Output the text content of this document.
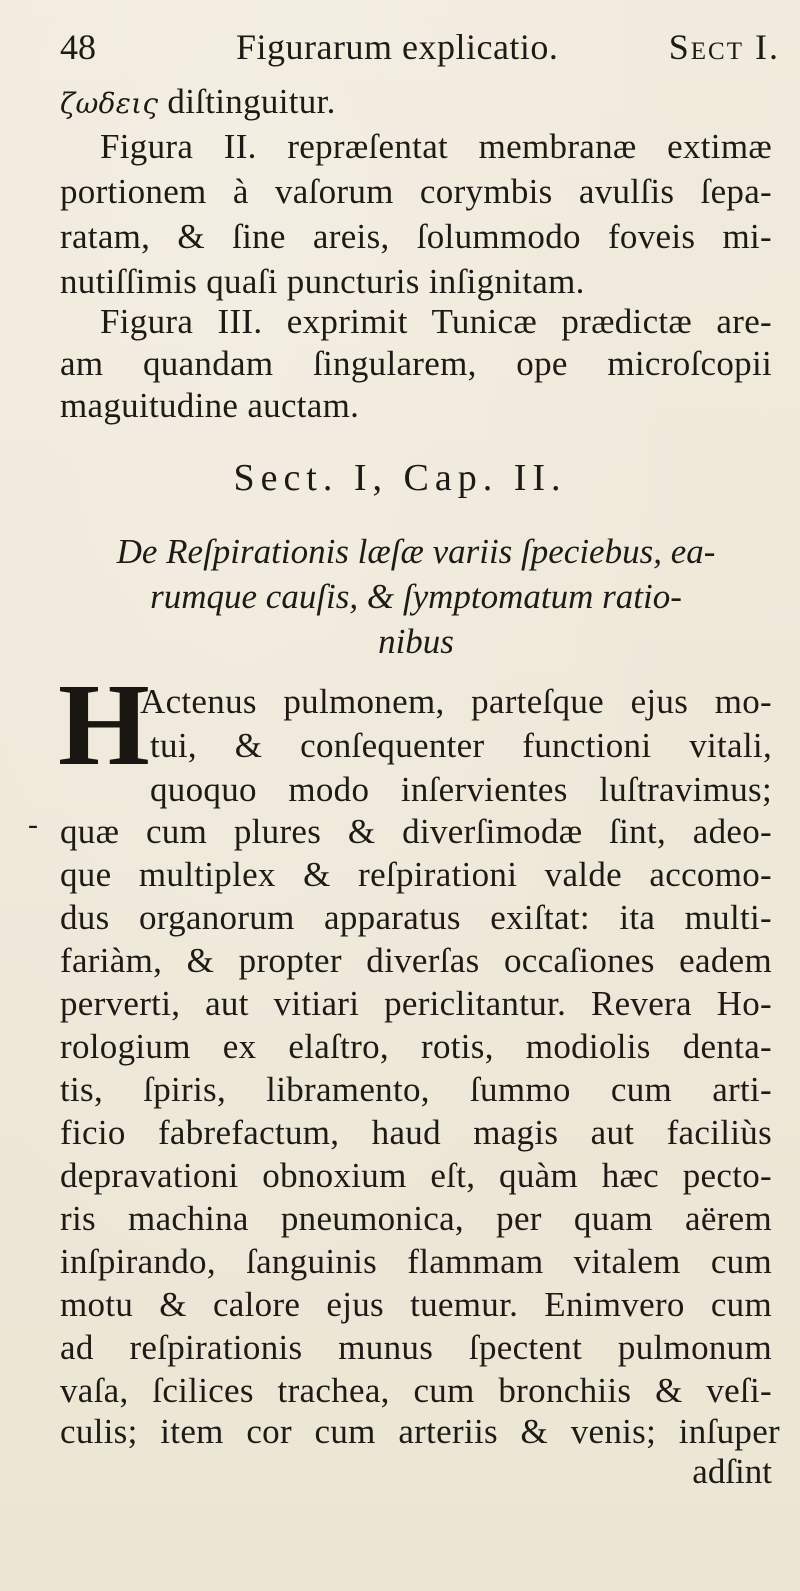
48	Figurarum explicatio.	Sect I.
ζωδεις diſtinguitur.
Figura II. repræſentat membranæ extimæ
portionem à vaſorum corymbis avulſis ſepa-
ratam, & ſine areis, ſolummodo foveis mi-
nutiſſimis quaſi puncturis inſignitam.
Figura III. exprimit Tunicæ prædictæ are-
am quandam ſingularem, ope microſcopii
maguitudine auctam.
Sect. I, Cap. II.
De Reſpirationis læſæ variis ſpeciebus, ea-
rumque cauſis, & ſymptomatum ratio-
nibus
H
-
Actenus pulmonem, parteſque ejus mo-
tui, & conſequenter functioni vitali,
quoquo modo inſervientes luſtravimus;
quæ cum plures & diverſimodæ ſint, adeo-
que multiplex & reſpirationi valde accomo-
dus organorum apparatus exiſtat: ita multi-
fariàm, & propter diverſas occaſiones eadem
perverti, aut vitiari periclitantur. Revera Ho-
rologium ex elaſtro, rotis, modiolis denta-
tis, ſpiris, libramento, ſummo cum arti-
ficio fabrefactum, haud magis aut faciliùs
depravationi obnoxium eſt, quàm hæc pecto-
ris machina pneumonica, per quam aërem
inſpirando, ſanguinis flammam vitalem cum
motu & calore ejus tuemur. Enimvero cum
ad reſpirationis munus ſpectent pulmonum
vaſa, ſcilices trachea, cum bronchiis & veſi-
culis; item cor cum arteriis & venis; inſuper
adſint
